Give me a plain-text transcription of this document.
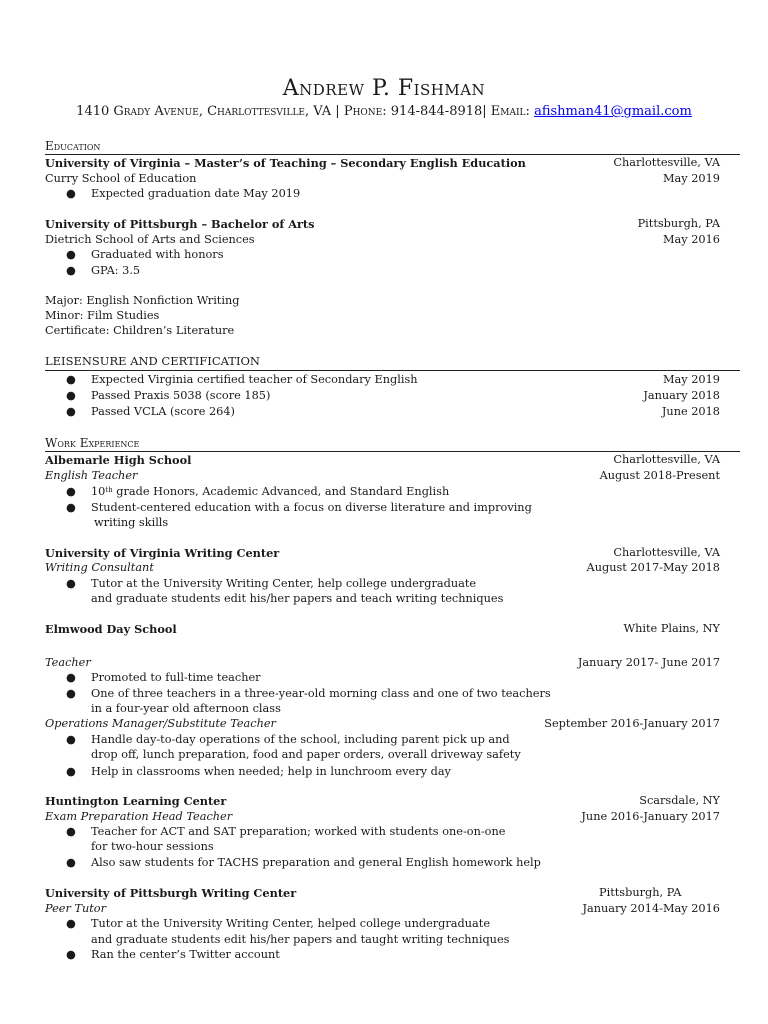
Andrew P. Fishman
1410 Grady Avenue, Charlottesville, VA | Phone: 914-844-8918| Email: afishman41@gmail.com
Education
University of Virginia – Master’s of Teaching – Secondary English Education	Charlottesville, VA
Curry School of Education	May 2019
● Expected graduation date May 2019
University of Pittsburgh – Bachelor of Arts	Pittsburgh, PA
Dietrich School of Arts and Sciences	May 2016
● Graduated with honors
● GPA: 3.5
Major: English Nonfiction Writing
Minor: Film Studies
Certificate: Children’s Literature
LEISENSURE AND CERTIFICATION
● Expected Virginia certified teacher of Secondary English	May 2019
● Passed Praxis 5038 (score 185)	January 2018
● Passed VCLA (score 264)	June 2018
Work Experience
Albemarle High School	Charlottesville, VA
English Teacher	August 2018-Present
● 10th grade Honors, Academic Advanced, and Standard English
● Student-centered education with a focus on diverse literature and improving
writing skills
University of Virginia Writing Center	Charlottesville, VA
Writing Consultant	August 2017-May 2018
● Tutor at the University Writing Center, help college undergraduate
and graduate students edit his/her papers and teach writing techniques
Elmwood Day School	White Plains, NY
Teacher	January 2017- June 2017
● Promoted to full-time teacher
● One of three teachers in a three-year-old morning class and one of two teachers
in a four-year old afternoon class
Operations Manager/Substitute Teacher	September 2016-January 2017
● Handle day-to-day operations of the school, including parent pick up and
drop off, lunch preparation, food and paper orders, overall driveway safety
● Help in classrooms when needed; help in lunchroom every day
Huntington Learning Center	Scarsdale, NY
Exam Preparation Head Teacher	June 2016-January 2017
● Teacher for ACT and SAT preparation; worked with students one-on-one
for two-hour sessions
● Also saw students for TACHS preparation and general English homework help
University of Pittsburgh Writing Center	Pittsburgh, PA
Peer Tutor	January 2014-May 2016
● Tutor at the University Writing Center, helped college undergraduate
and graduate students edit his/her papers and taught writing techniques
● Ran the center’s Twitter account
